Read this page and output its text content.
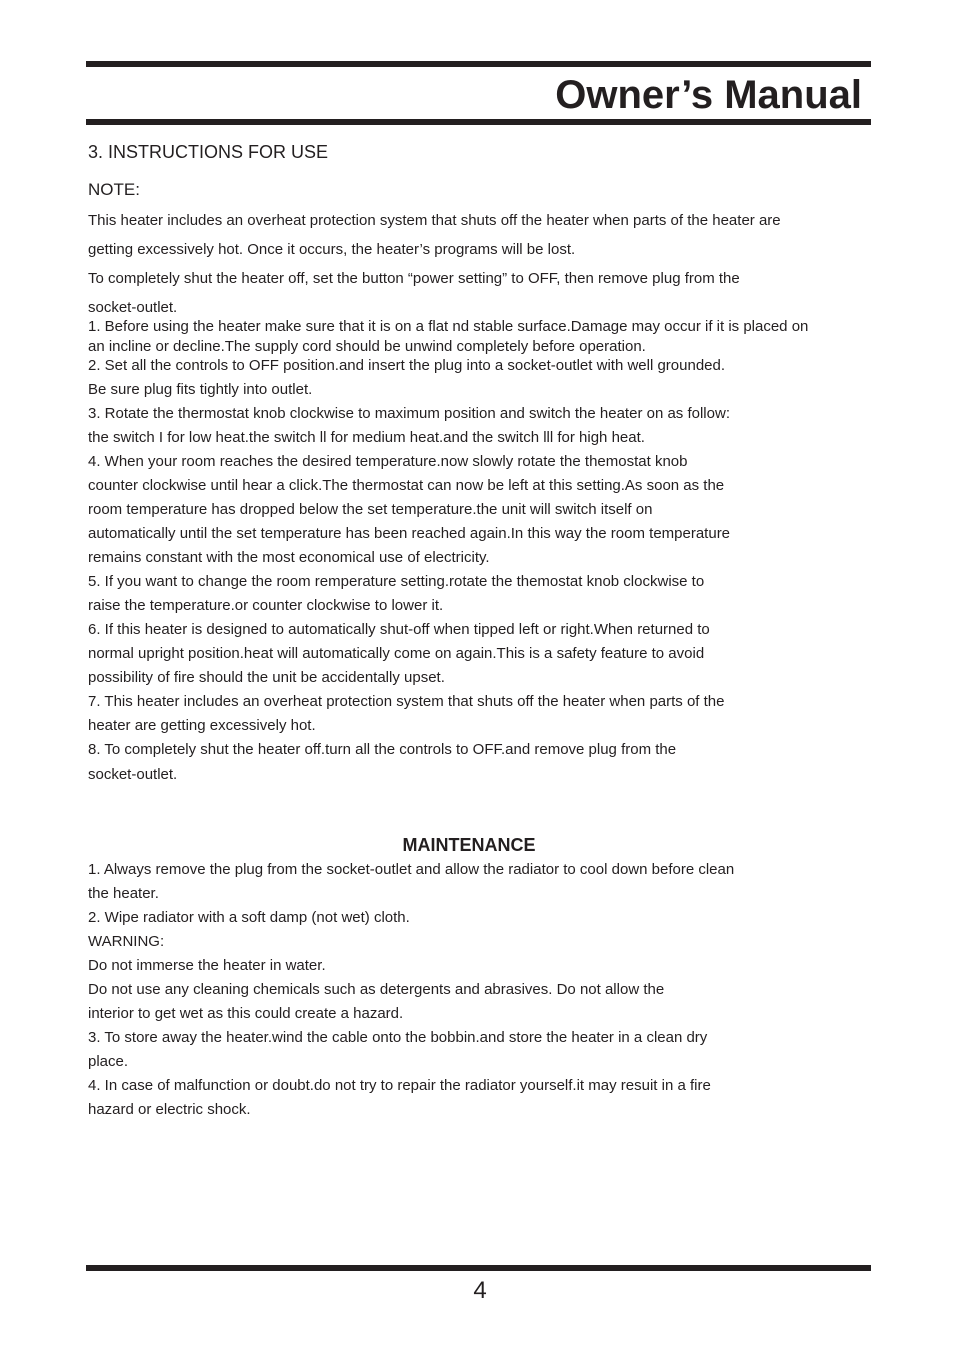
Owner’s Manual
3. INSTRUCTIONS FOR USE
NOTE:
This heater includes an overheat protection system that shuts off the heater when parts of the heater are
getting excessively hot. Once it occurs, the heater’s programs will be lost.
To completely shut the heater off, set the button “power setting” to OFF, then remove plug from the
socket-outlet.
1. Before using the heater make sure that it is on a flat nd stable surface.Damage may occur if it is placed on
an incline or decline.The supply cord should be unwind completely before operation.
2. Set all the controls to OFF position.and insert the plug into a socket-outlet with well grounded.
Be sure plug fits tightly into outlet.
3. Rotate the thermostat knob clockwise to maximum position and switch the heater on as follow:
the switch I for low heat.the switch ll for medium heat.and the switch lll for high heat.
4. When your room reaches the desired temperature.now slowly rotate the themostat knob
counter clockwise until hear a click.The thermostat can now be left at this setting.As soon as the
room temperature has dropped below the set temperature.the unit will switch itself on
automatically until the set temperature has been reached again.In this way the room temperature
remains constant with the most economical use of electricity.
5. If you want to change the room remperature setting.rotate the themostat knob clockwise to
raise the temperature.or counter clockwise to lower it.
6. If this heater is designed to automatically shut-off when tipped left or right.When returned to
normal upright position.heat will automatically come on again.This is a safety feature to avoid
possibility of fire should the unit be accidentally upset.
7. This heater includes an overheat protection system that shuts off the heater when parts of the
heater are getting excessively hot.
8. To completely shut the heater off.turn all the controls to OFF.and remove plug from the
socket-outlet.
MAINTENANCE
1. Always remove the plug from the socket-outlet and allow the radiator to cool down before clean
the heater.
2. Wipe radiator with a soft damp (not wet) cloth.
WARNING:
Do not immerse the heater in water.
Do not use any cleaning chemicals such as detergents and abrasives. Do not allow the
interior to get wet as this could create a hazard.
3. To store away the heater.wind the cable onto the bobbin.and store the heater in a clean dry
place.
4. In case of malfunction or doubt.do not try to repair the radiator yourself.it may resuit in a fire
hazard or electric shock.
4
